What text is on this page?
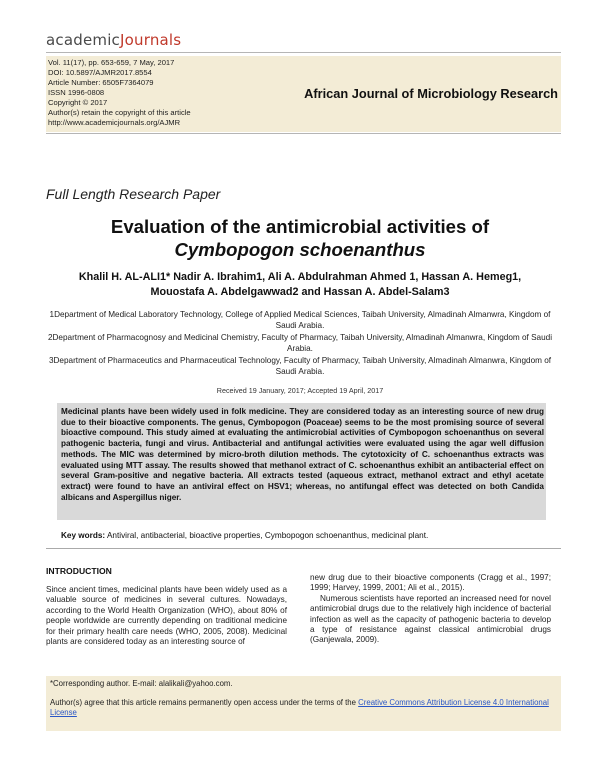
academicJournals
Vol. 11(17), pp. 653-659, 7 May, 2017
DOI: 10.5897/AJMR2017.8554
Article Number: 6505F7364079
ISSN 1996-0808
Copyright © 2017
Author(s) retain the copyright of this article
http://www.academicjournals.org/AJMR
African Journal of Microbiology Research
Full Length Research Paper
Evaluation of the antimicrobial activities of
Cymbopogon schoenanthus
Khalil H. AL-ALI1* Nadir A. Ibrahim1, Ali A. Abdulrahman Ahmed 1, Hassan A. Hemeg1,
Mouostafa A. Abdelgawwad2 and Hassan A. Abdel-Salam3

1Department of Medical Laboratory Technology, College of Applied Medical Sciences, Taibah University, Almadinah Almanwra, Kingdom of Saudi Arabia.

2Department of Pharmacognosy and Medicinal Chemistry, Faculty of Pharmacy, Taibah University, Almadinah Almanwra, Kingdom of Saudi Arabia.

3Department of Pharmaceutics and Pharmaceutical Technology, Faculty of Pharmacy, Taibah University, Almadinah Almanwra, Kingdom of Saudi Arabia.

Received 19 January, 2017; Accepted 19 April, 2017
Medicinal plants have been widely used in folk medicine. They are considered today as an interesting source of new drug due to their bioactive components. The genus, Cymbopogon (Poaceae) seems to be the most promising source of several bioactive compound. This study aimed at evaluating the antimicrobial activities of Cymbopogon schoenanthus on several pathogenic bacteria, fungi and virus. Antibacterial and antifungal activities were evaluated using the agar well diffusion methods. The MIC was determined by micro-broth dilution methods. The cytotoxicity of C. schoenanthus extracts was evaluated using MTT assay. The results showed that methanol extract of C. schoenanthus exhibit an antibacterial effect on several Gram-positive and negative bacteria. All extracts tested (aqueous extract, methanol extract and ethyl acetate extract) were found to have an antiviral effect on HSV1; whereas, no antifungal effect was detected on both Candida albicans and Aspergillus niger.
Key words: Antiviral, antibacterial, bioactive properties, Cymbopogon schoenanthus, medicinal plant.
INTRODUCTION
Since ancient times, medicinal plants have been widely used as a valuable source of medicines in several cultures. Nowadays, according to the World Health Organization (WHO), about 80% of people worldwide are currently depending on traditional medicine for their primary health care needs (WHO, 2005, 2008). Medicinal plants are considered today as an interesting source of
new drug due to their bioactive components (Cragg et al., 1997; 1999; Harvey, 1999, 2001; Ali et al., 2015).
Numerous scientists have reported an increased need for novel antimicrobial drugs due to the relatively high incidence of bacterial infection as well as the capacity of pathogenic bacteria to develop a type of resistance against classical antimicrobial drugs (Ganjewala, 2009).
*Corresponding author. E-mail: alalikali@yahoo.com.
Author(s) agree that this article remains permanently open access under the terms of the Creative Commons Attribution License 4.0 International License
